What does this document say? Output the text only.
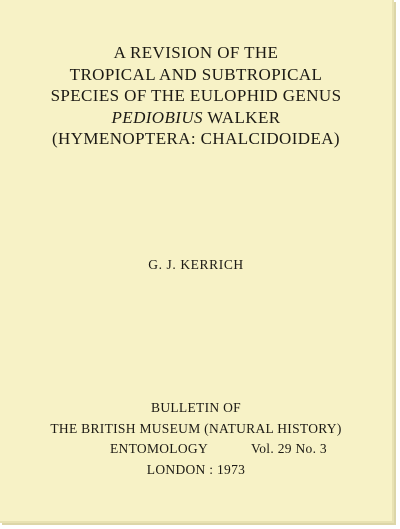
A REVISION OF THE
TROPICAL AND SUBTROPICAL
SPECIES OF THE EULOPHID GENUS
PEDIOBIUS WALKER
(HYMENOPTERA: CHALCIDOIDEA)
G. J. KERRICH
BULLETIN OF
THE BRITISH MUSEUM (NATURAL HISTORY)
ENTOMOLOGY	Vol. 29 No. 3
LONDON : 1973
